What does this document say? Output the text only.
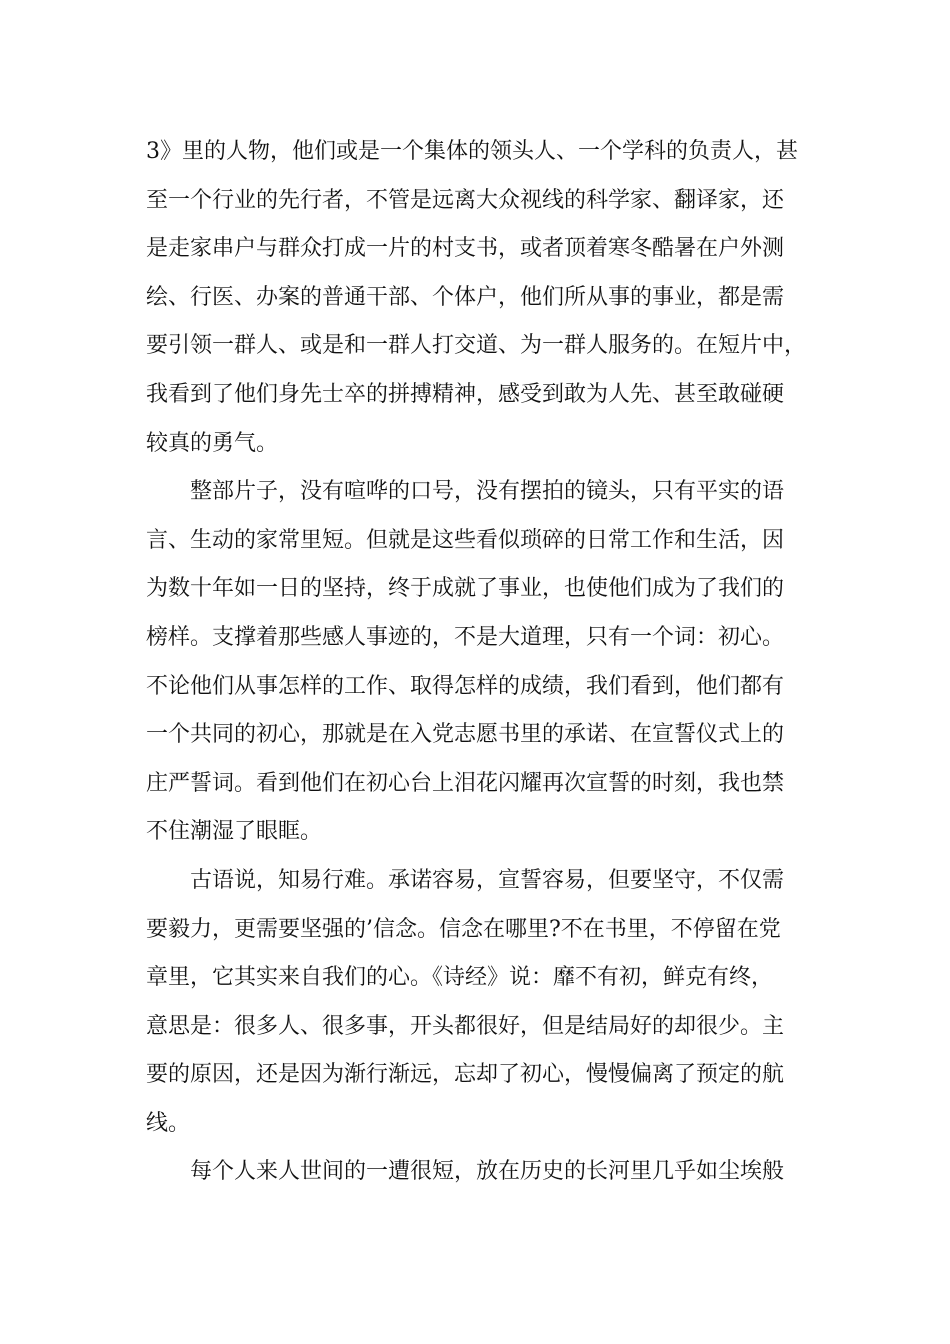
3》里的人物，他们或是一个集体的领头人、一个学科的负责人，甚
至一个行业的先行者，不管是远离大众视线的科学家、翻译家，还
是走家串户与群众打成一片的村支书，或者顶着寒冬酷暑在户外测
绘、行医、办案的普通干部、个体户，他们所从事的事业，都是需
要引领一群人、或是和一群人打交道、为一群人服务的。在短片中，
我看到了他们身先士卒的拼搏精神，感受到敢为人先、甚至敢碰硬
较真的勇气。
整部片子，没有喧哗的口号，没有摆拍的镜头，只有平实的语
言、生动的家常里短。但就是这些看似琐碎的日常工作和生活，因
为数十年如一日的坚持，终于成就了事业，也使他们成为了我们的
榜样。支撑着那些感人事迹的，不是大道理，只有一个词：初心。
不论他们从事怎样的工作、取得怎样的成绩，我们看到，他们都有
一个共同的初心，那就是在入党志愿书里的承诺、在宣誓仪式上的
庄严誓词。看到他们在初心台上泪花闪耀再次宣誓的时刻，我也禁
不住潮湿了眼眶。
古语说，知易行难。承诺容易，宣誓容易，但要坚守，不仅需
要毅力，更需要坚强的’信念。信念在哪里?不在书里，不停留在党
章里，它其实来自我们的心。《诗经》说：靡不有初，鲜克有终，
意思是：很多人、很多事，开头都很好，但是结局好的却很少。主
要的原因，还是因为渐行渐远，忘却了初心，慢慢偏离了预定的航
线。
每个人来人世间的一遭很短，放在历史的长河里几乎如尘埃般
